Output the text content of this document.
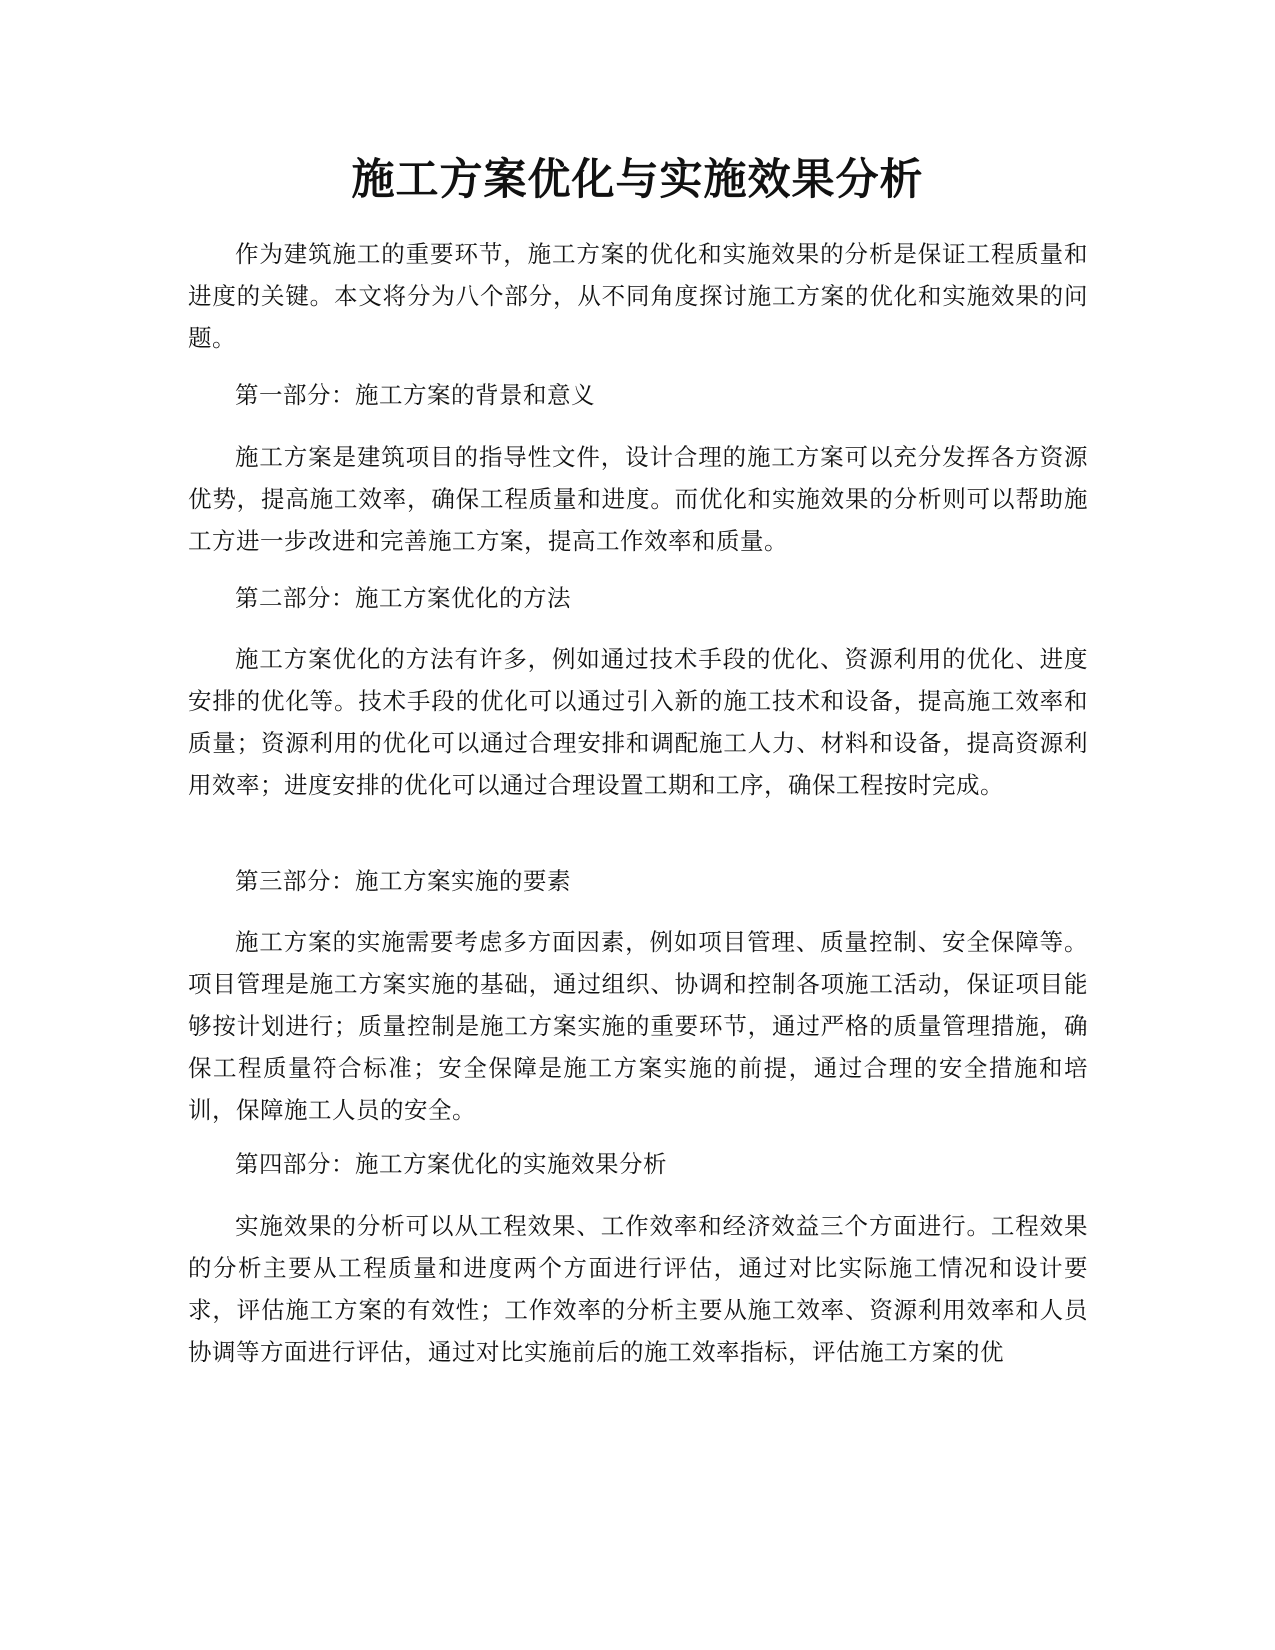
施工方案优化与实施效果分析

作为建筑施工的重要环节，施工方案的优化和实施效果的分析是保证工程质量和进度的关键。本文将分为八个部分，从不同角度探讨施工方案的优化和实施效果的问题。

第一部分：施工方案的背景和意义

施工方案是建筑项目的指导性文件，设计合理的施工方案可以充分发挥各方资源优势，提高施工效率，确保工程质量和进度。而优化和实施效果的分析则可以帮助施工方进一步改进和完善施工方案，提高工作效率和质量。

第二部分：施工方案优化的方法

施工方案优化的方法有许多，例如通过技术手段的优化、资源利用的优化、进度安排的优化等。技术手段的优化可以通过引入新的施工技术和设备，提高施工效率和质量；资源利用的优化可以通过合理安排和调配施工人力、材料和设备，提高资源利用效率；进度安排的优化可以通过合理设置工期和工序，确保工程按时完成。

第三部分：施工方案实施的要素

施工方案的实施需要考虑多方面因素，例如项目管理、质量控制、安全保障等。项目管理是施工方案实施的基础，通过组织、协调和控制各项施工活动，保证项目能够按计划进行；质量控制是施工方案实施的重要环节，通过严格的质量管理措施，确保工程质量符合标准；安全保障是施工方案实施的前提，通过合理的安全措施和培训，保障施工人员的安全。

第四部分：施工方案优化的实施效果分析

实施效果的分析可以从工程效果、工作效率和经济效益三个方面进行。工程效果的分析主要从工程质量和进度两个方面进行评估，通过对比实际施工情况和设计要求，评估施工方案的有效性；工作效率的分析主要从施工效率、资源利用效率和人员协调等方面进行评估，通过对比实施前后的施工效率指标，评估施工方案的优
